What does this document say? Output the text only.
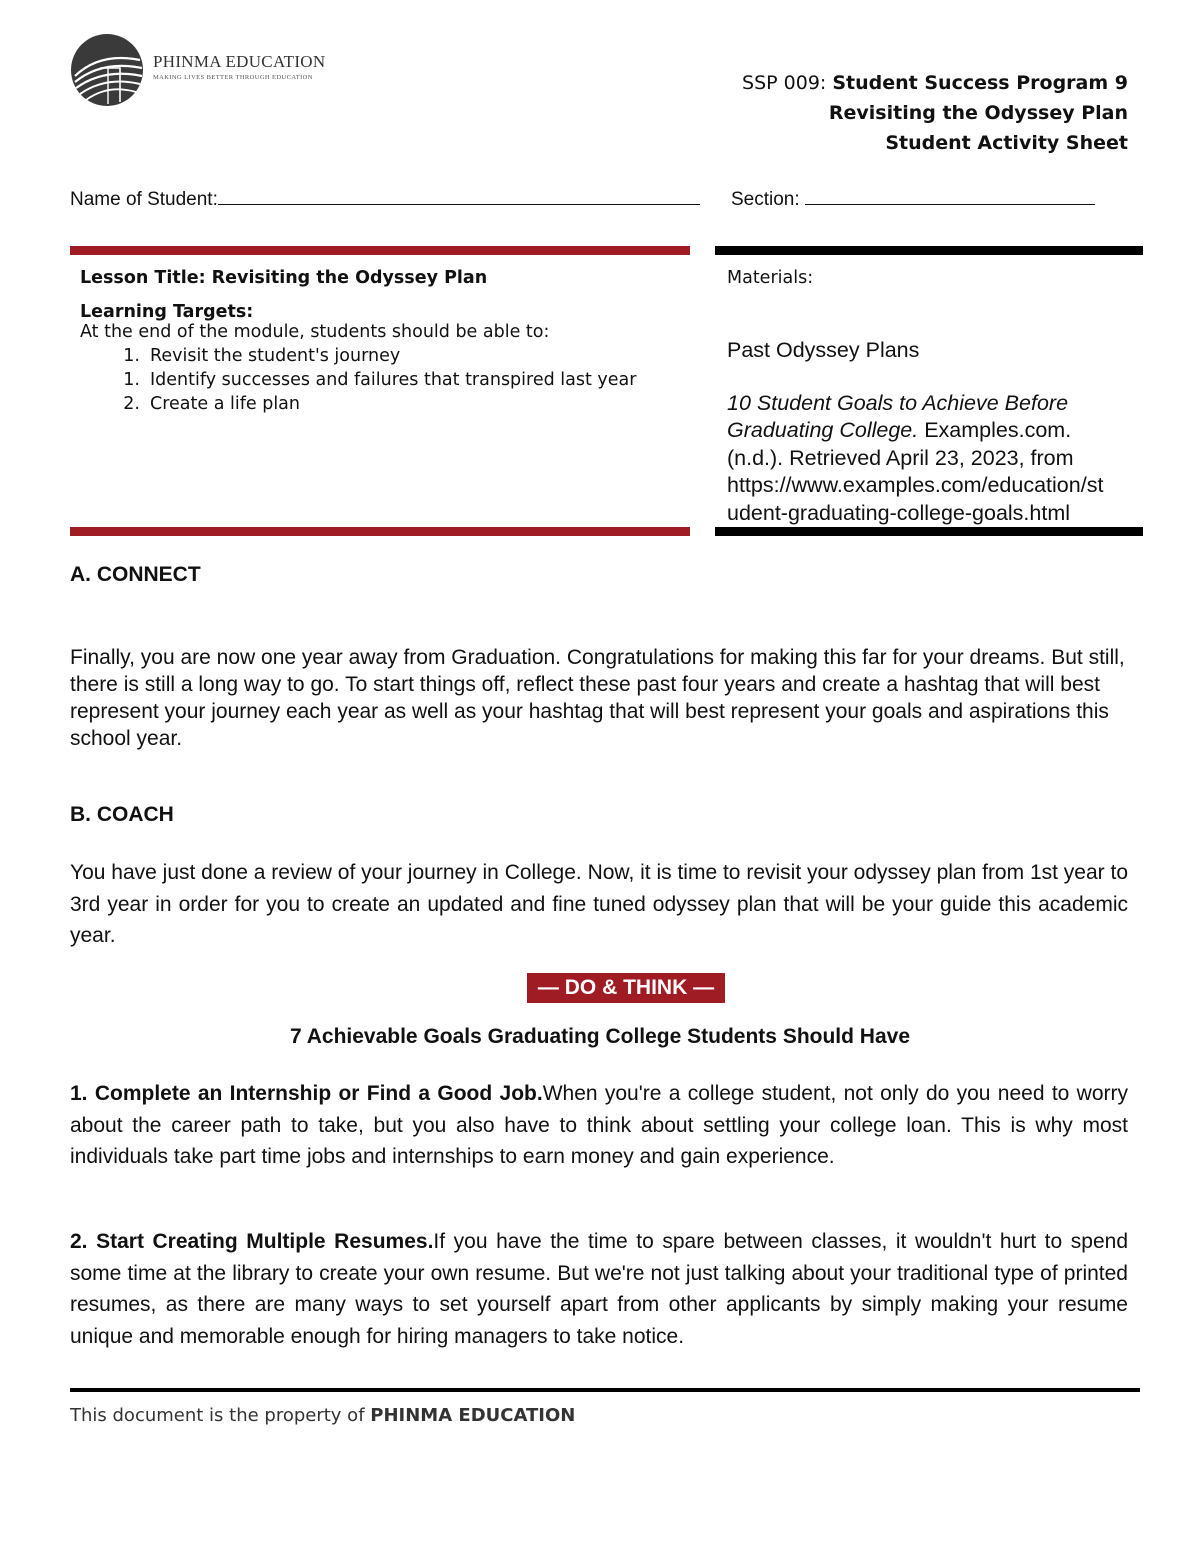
PHINMA EDUCATION
MAKING LIVES BETTER THROUGH EDUCATION	SSP 009: Student Success Program 9
Revisiting the Odyssey Plan
Student Activity Sheet
Name of Student:	Section:
Lesson Title: Revisiting the Odyssey Plan
Learning Targets:
At the end of the module, students should be able to:
1. Revisit the student's journey
1. Identify successes and failures that transpired last year
2. Create a life plan
Materials:
Past Odyssey Plans
10 Student Goals to Achieve Before
Graduating College. Examples.com.
(n.d.). Retrieved April 23, 2023, from
https://www.examples.com/education/st
udent-graduating-college-goals.html
A. CONNECT
Finally, you are now one year away from Graduation. Congratulations for making this far for your dreams. But still, there is still a long way to go. To start things off, reflect these past four years and create a hashtag that will best represent your journey each year as well as your hashtag that will best represent your goals and aspirations this school year.
B. COACH
You have just done a review of your journey in College. Now, it is time to revisit your odyssey plan from 1st year to 3rd year in order for you to create an updated and fine tuned odyssey plan that will be your guide this academic year.
— DO & THINK —
7 Achievable Goals Graduating College Students Should Have
1. Complete an Internship or Find a Good Job.When you're a college student, not only do you need to worry about the career path to take, but you also have to think about settling your college loan. This is why most individuals take part time jobs and internships to earn money and gain experience.
2. Start Creating Multiple Resumes.If you have the time to spare between classes, it wouldn't hurt to spend some time at the library to create your own resume. But we're not just talking about your traditional type of printed resumes, as there are many ways to set yourself apart from other applicants by simply making your resume unique and memorable enough for hiring managers to take notice.
This document is the property of PHINMA EDUCATION
